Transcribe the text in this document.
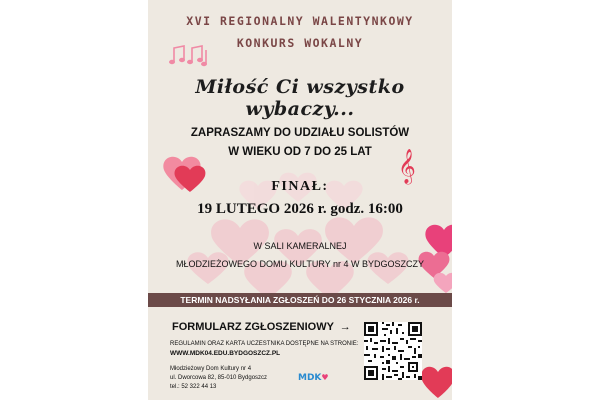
𝄞
XVI REGIONALNY WALENTYNKOWY
KONKURS WOKALNY
Miłość Ci wszystko wybaczy...
ZAPRASZAMY DO UDZIAŁU SOLISTÓW
W WIEKU OD 7 DO 25 LAT
FINAŁ:
19 LUTEGO 2026 r. godz. 16:00
W SALI KAMERALNEJ
MŁODZIEŻOWEGO DOMU KULTURY nr 4 W BYDGOSZCZY
TERMIN NADSYŁANIA ZGŁOSZEŃ DO 26 STYCZNIA 2026 r.
FORMULARZ ZGŁOSZENIOWY →
REGULAMIN ORAZ KARTA UCZESTNIKA DOSTĘPNE NA STRONIE:
WWW.MDK04.EDU.BYDGOSZCZ.PL
Młodzieżowy Dom Kultury nr 4
ul. Dworcowa 82, 85-010 Bydgoszcz
tel.: 52 322 44 13
MDK♥
